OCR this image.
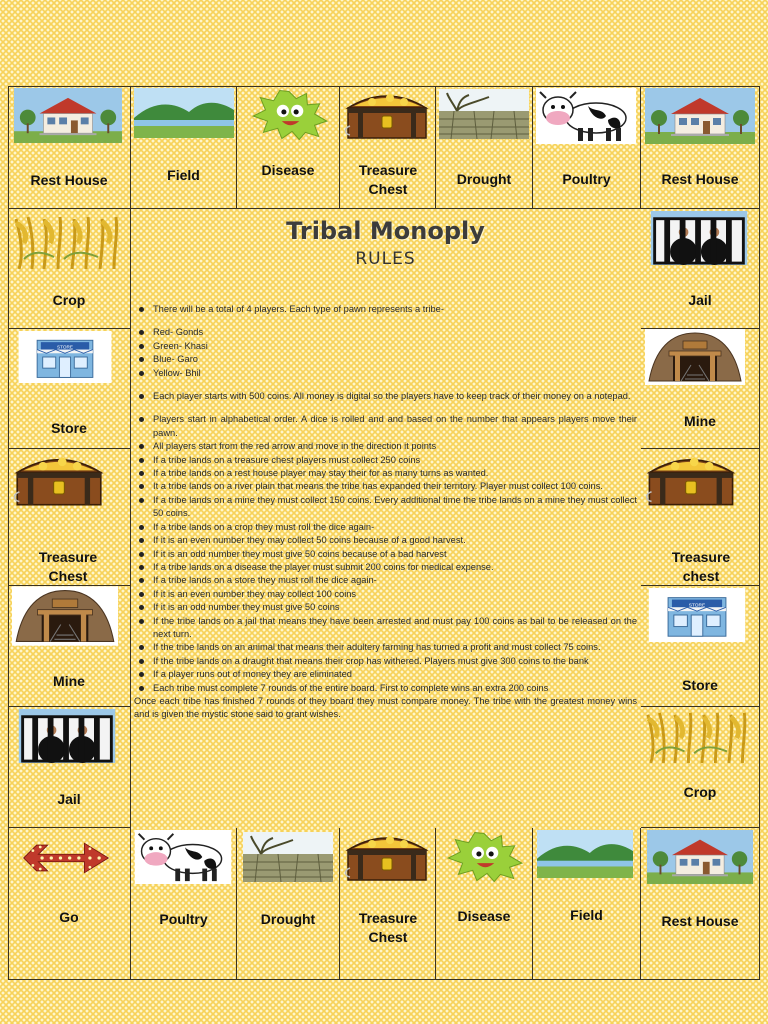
Rest House	Field	Disease	Treasure Chest
Drought	Poultry	Rest House
Crop
Store
Treasure Chest
Mine
Jail
Jail
Mine
Treasure chest
Store
Crop
Go	Poultry	Drought	Treasure Chest
Disease	Field	Rest House
Tribal Monoply
RULES
There will be a total of 4 players. Each type of pawn represents a tribe-
Red- Gonds
Green- Khasi
Blue- Garo
Yellow- Bhil
Each player starts with 500 coins. All money is digital so the players have to keep track of their money on a notepad.
Players start in alphabetical order. A dice is rolled and and based on the number that appears players move their pawn.
All players start from the red arrow and move in the direction it points
If a tribe lands on a treasure chest players must collect 250 coins
If a tribe lands on a rest house player may stay their for as many turns as wanted.
It a tribe lands on a river plain that means the tribe has expanded their territory. Player must collect 100 coins.
If a tribe lands on a mine they must collect 150 coins. Every additional time the tribe lands on a mine they must collect 50 coins.
If a tribe lands on a crop they must roll the dice again-
If it is an even number they may collect 50 coins because of a good harvest.
If it is an odd number they must give 50 coins because of a bad harvest
If a tribe lands on a disease the player must submit 200 coins for medical expense.
If a tribe lands on a store they must roll the dice again-
If it is an even number they may collect 100 coins
If it is an odd number they must give 50 coins
If the tribe lands on a jail that means they have been arrested and must pay 100 coins as bail to be released on the next turn.
If the tribe lands on an animal that means their adultery farming has turned a profit and must collect 75 coins.
If the tribe lands on a draught that means their crop has withered. Players must give 300 coins to the bank
If a player runs out of money they are eliminated
Each tribe must complete 7 rounds of the entire board. First to complete wins an extra 200 coins
Once each tribe has finished 7 rounds of they board they must compare money. The tribe with the greatest money wins and is given the mystic stone said to grant wishes.
